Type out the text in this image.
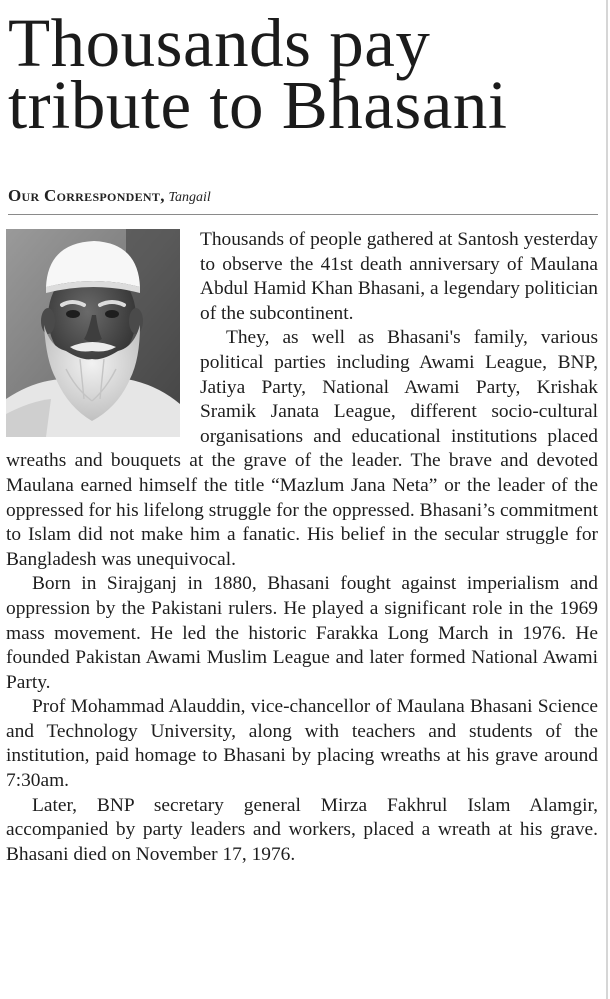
Thousands pay tribute to Bhasani
Our Correspondent, Tangail

Thousands of people gathered at Santosh yesterday to observe the 41st death anniversary of Maulana Abdul Hamid Khan Bhasani, a legendary politician of the subcontinent.

They, as well as Bhasani's family, various political parties including Awami League, BNP, Jatiya Party, National Awami Party, Krishak Sramik Janata League, different socio-cultural organisations and educational institutions placed wreaths and bouquets at the grave of the leader. The brave and devoted Maulana earned himself the title “Mazlum Jana Neta” or the leader of the oppressed for his lifelong struggle for the oppressed. Bhasani’s commitment to Islam did not make him a fanatic. His belief in the secular struggle for Bangladesh was unequivocal.

Born in Sirajganj in 1880, Bhasani fought against imperialism and oppression by the Pakistani rulers. He played a significant role in the 1969 mass movement. He led the historic Farakka Long March in 1976. He founded Pakistan Awami Muslim League and later formed National Awami Party.

Prof Mohammad Alauddin, vice-chancellor of Maulana Bhasani Science and Technology University, along with teachers and students of the institution, paid homage to Bhasani by placing wreaths at his grave around 7:30am.

Later, BNP secretary general Mirza Fakhrul Islam Alamgir, accompanied by party leaders and workers, placed a wreath at his grave. Bhasani died on November 17, 1976.
